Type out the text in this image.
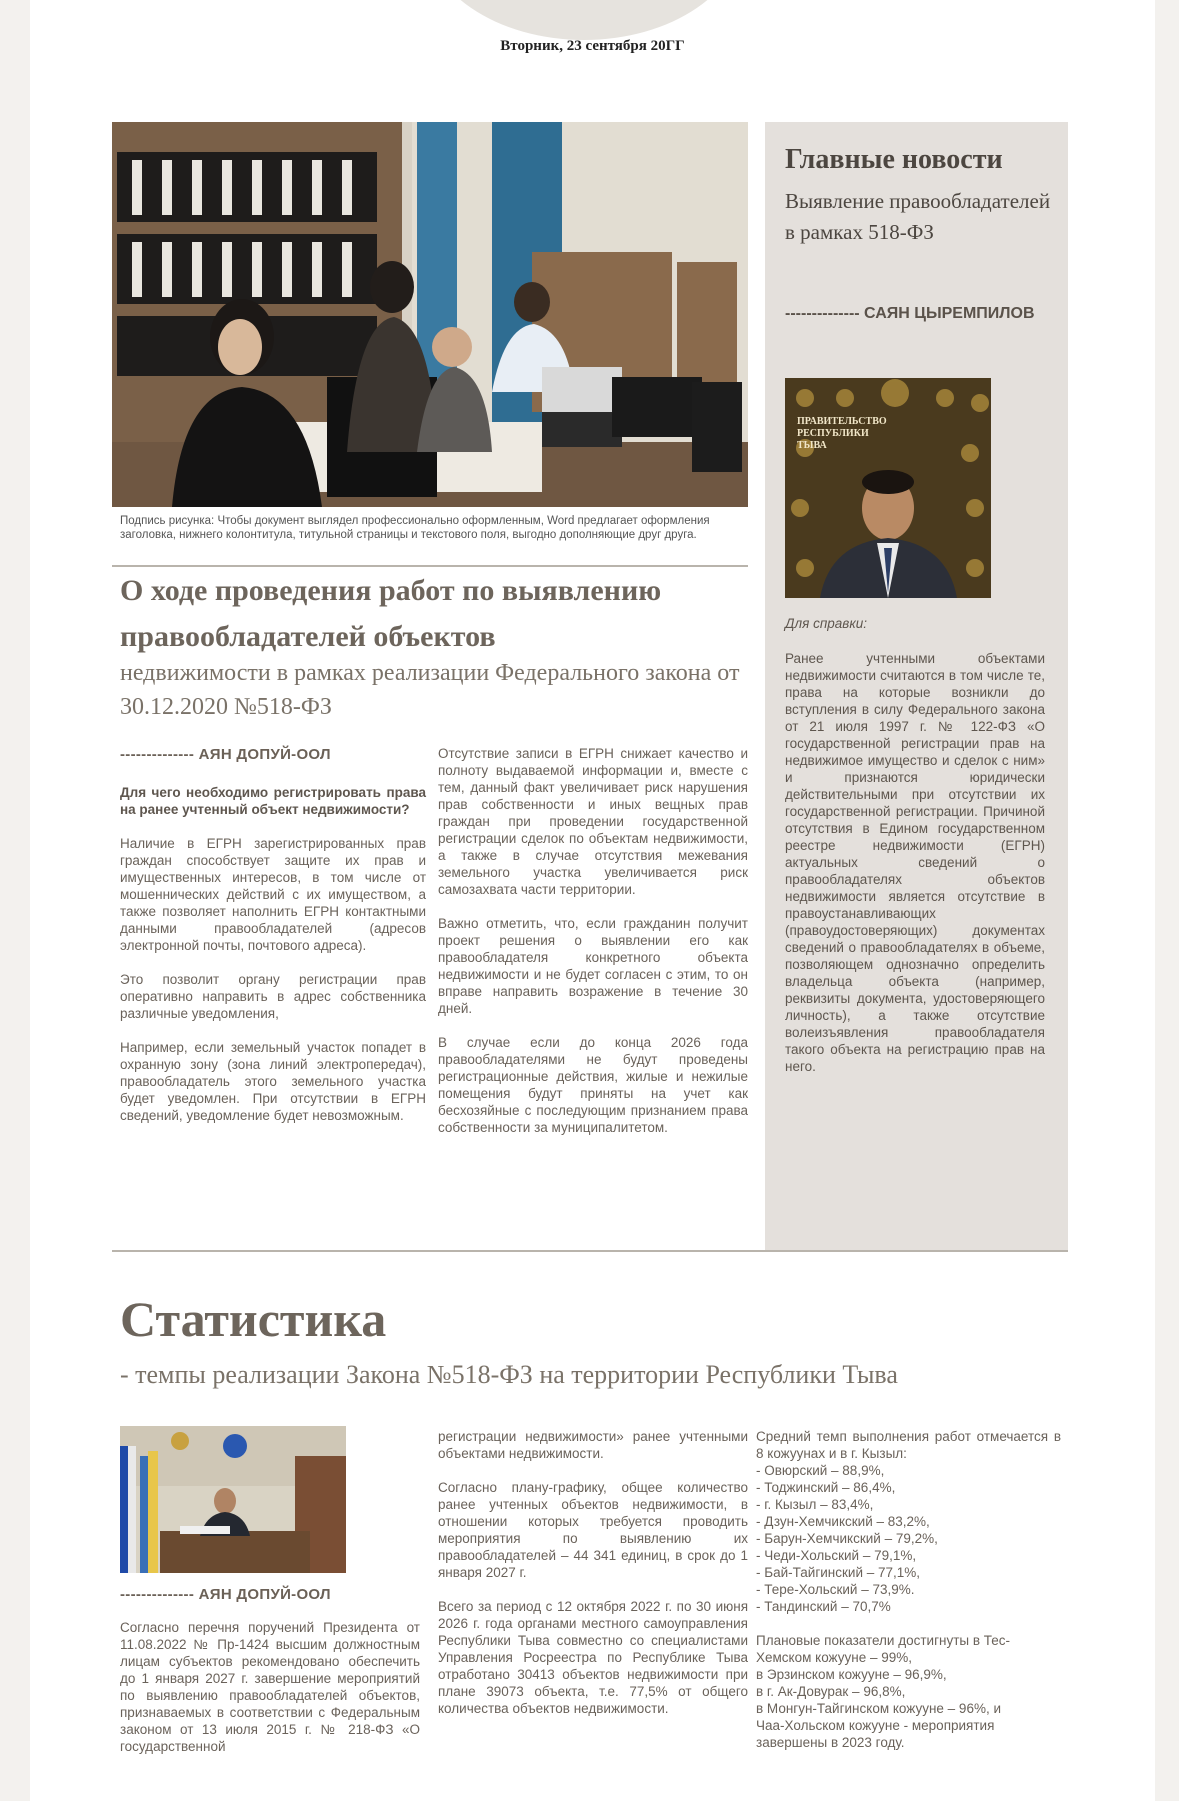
Вторник, 23 сентября 20ГГ
Подпись рисунка: Чтобы документ выглядел профессионально оформленным, Word предлагает оформления заголовка, нижнего колонтитула, титульной страницы и текстового поля, выгодно дополняющие друг друга.
О ходе проведения работ по выявлению правообладателей объектов
недвижимости в рамках реализации Федерального закона от 30.12.2020 №518-ФЗ
-------------- АЯН ДОПУЙ-ООЛ

Для чего необходимо регистрировать права на ранее учтенный объект недвижимости?

Наличие в ЕГРН зарегистрированных прав граждан способствует защите их прав и имущественных интересов, в том числе от мошеннических действий с их имуществом, а также позволяет наполнить ЕГРН контактными данными правообладателей (адресов электронной почты, почтового адреса).

Это позволит органу регистрации прав оперативно направить в адрес собственника различные уведомления,

Например, если земельный участок попадет в охранную зону (зона линий электропередач), правообладатель этого земельного участка будет уведомлен. При отсутствии в ЕГРН сведений, уведомление будет невозможным.

Отсутствие записи в ЕГРН снижает качество и полноту выдаваемой информации и, вместе с тем, данный факт увеличивает риск нарушения прав собственности и иных вещных прав граждан при проведении государственной регистрации сделок по объектам недвижимости, а также в случае отсутствия межевания земельного участка увеличивается риск самозахвата части территории.

Важно отметить, что, если гражданин получит проект решения о выявлении его как правообладателя конкретного объекта недвижимости и не будет согласен с этим, то он вправе направить возражение в течение 30 дней.

В случае если до конца 2026 года правообладателями не будут проведены регистрационные действия, жилые и нежилые помещения будут приняты на учет как бесхозяйные с последующим признанием права собственности за муниципалитетом.

Главные новости
Выявление правообладателей в рамках 518-ФЗ
-------------- САЯН ЦЫРЕМПИЛОВ
ПРАВИТЕЛЬСТВО РЕСПУБЛИКИ ТЫВА
Для справки:
Ранее учтенными объектами недвижимости считаются в том числе те, права на которые возникли до вступления в силу Федерального закона от 21 июля 1997 г. № 122-ФЗ «О государственной регистрации прав на недвижимое имущество и сделок с ним» и признаются юридически действительными при отсутствии их государственной регистрации. Причиной отсутствия в Едином государственном реестре недвижимости (ЕГРН) актуальных сведений о правообладателях объектов недвижимости является отсутствие в правоустанавливающих (правоудостоверяющих) документах сведений о правообладателях в объеме, позволяющем однозначно определить владельца объекта (например, реквизиты документа, удостоверяющего личность), а также отсутствие волеизъявления правообладателя такого объекта на регистрацию прав на него.
Статистика
- темпы реализации Закона №518-ФЗ на территории Республики Тыва
-------------- АЯН ДОПУЙ-ООЛ

Согласно перечня поручений Президента от 11.08.2022 № Пр-1424 высшим должностным лицам субъектов рекомендовано обеспечить до 1 января 2027 г. завершение мероприятий по выявлению правообладателей объектов, признаваемых в соответствии с Федеральным законом от 13 июля 2015 г. № 218-ФЗ «О государственной

регистрации недвижимости» ранее учтенными объектами недвижимости.

Согласно плану-графику, общее количество ранее учтенных объектов недвижимости, в отношении которых требуется проводить мероприятия по выявлению их правообладателей – 44 341 единиц, в срок до 1 января 2027 г.

Всего за период с 12 октября 2022 г. по 30 июня 2026 г. года органами местного самоуправления Республики Тыва совместно со специалистами Управления Росреестра по Республике Тыва отработано 30413 объектов недвижимости при плане 39073 объекта, т.е. 77,5% от общего количества объектов недвижимости.

Средний темп выполнения работ отмечается в 8 кожуунах и в г. Кызыл:
- Овюрский – 88,9%,
- Тоджинский – 86,4%,
- г. Кызыл – 83,4%,
- Дзун-Хемчикский – 83,2%,
- Барун-Хемчикский – 79,2%,
- Чеди-Хольский – 79,1%,
- Бай-Тайгинский – 77,1%,
- Тере-Хольский – 73,9%.
- Тандинский – 70,7%
Плановые показатели достигнуты в Тес-Хемском кожууне – 99%,
в Эрзинском кожууне – 96,9%,
в г. Ак-Довурак – 96,8%,
в Монгун-Тайгинском кожууне – 96%, и
Чаа-Хольском кожууне - мероприятия завершены в 2023 году.
